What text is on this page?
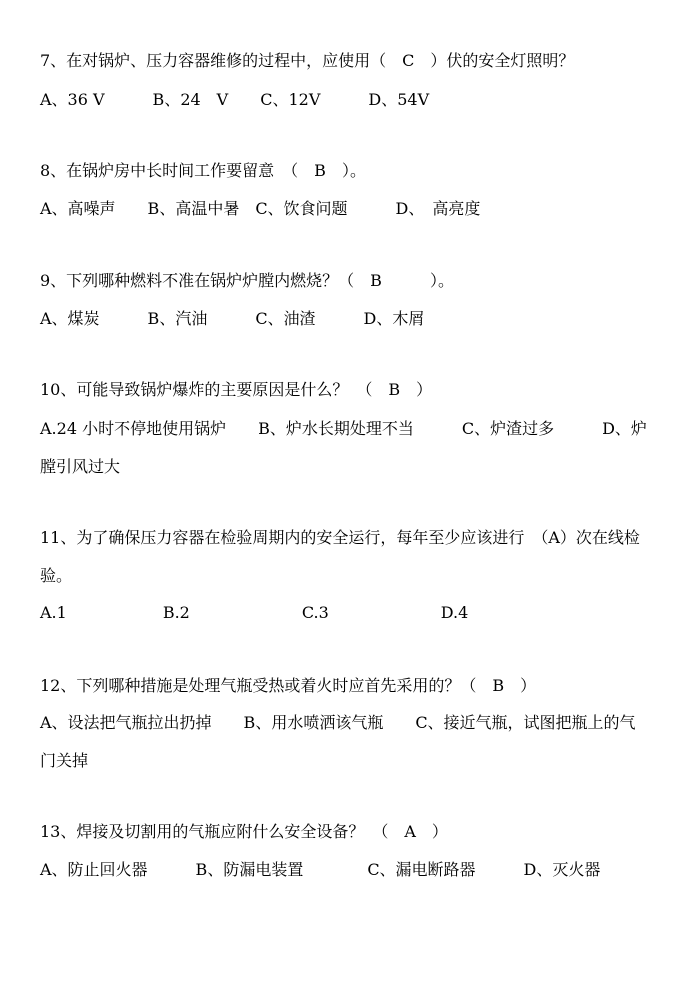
7、在对锅炉、压力容器维修的过程中，应使用（　C　）伏的安全灯照明？
A、36 V　　　B、24　V　　C、12V　　　D、54V
8、在锅炉房中长时间工作要留意　（　B　）。
A、高噪声　　B、高温中暑　C、饮食问题　　　D、　高亮度
9、下列哪种燃料不准在锅炉炉膛内燃烧？（　B　　　）。
A、煤炭　　　B、汽油　　　C、油渣　　　D、木屑
10、可能导致锅炉爆炸的主要原因是什么？　（　B　）
A.24 小时不停地使用锅炉　　B、炉水长期处理不当　　　C、炉渣过多　　　D、炉
膛引风过大
11、为了确保压力容器在检验周期内的安全运行，每年至少应该进行　（A）次在线检
验。
A.1　　　　　　B.2　　　　　　　C.3　　　　　　　D.4
12、下列哪种措施是处理气瓶受热或着火时应首先采用的？（　B　）
A、设法把气瓶拉出扔掉　　B、用水喷洒该气瓶　　C、接近气瓶，试图把瓶上的气
门关掉
13、焊接及切割用的气瓶应附什么安全设备？　（　A　）
A、防止回火器　　　B、防漏电装置　　　　C、漏电断路器　　　D、灭火器
